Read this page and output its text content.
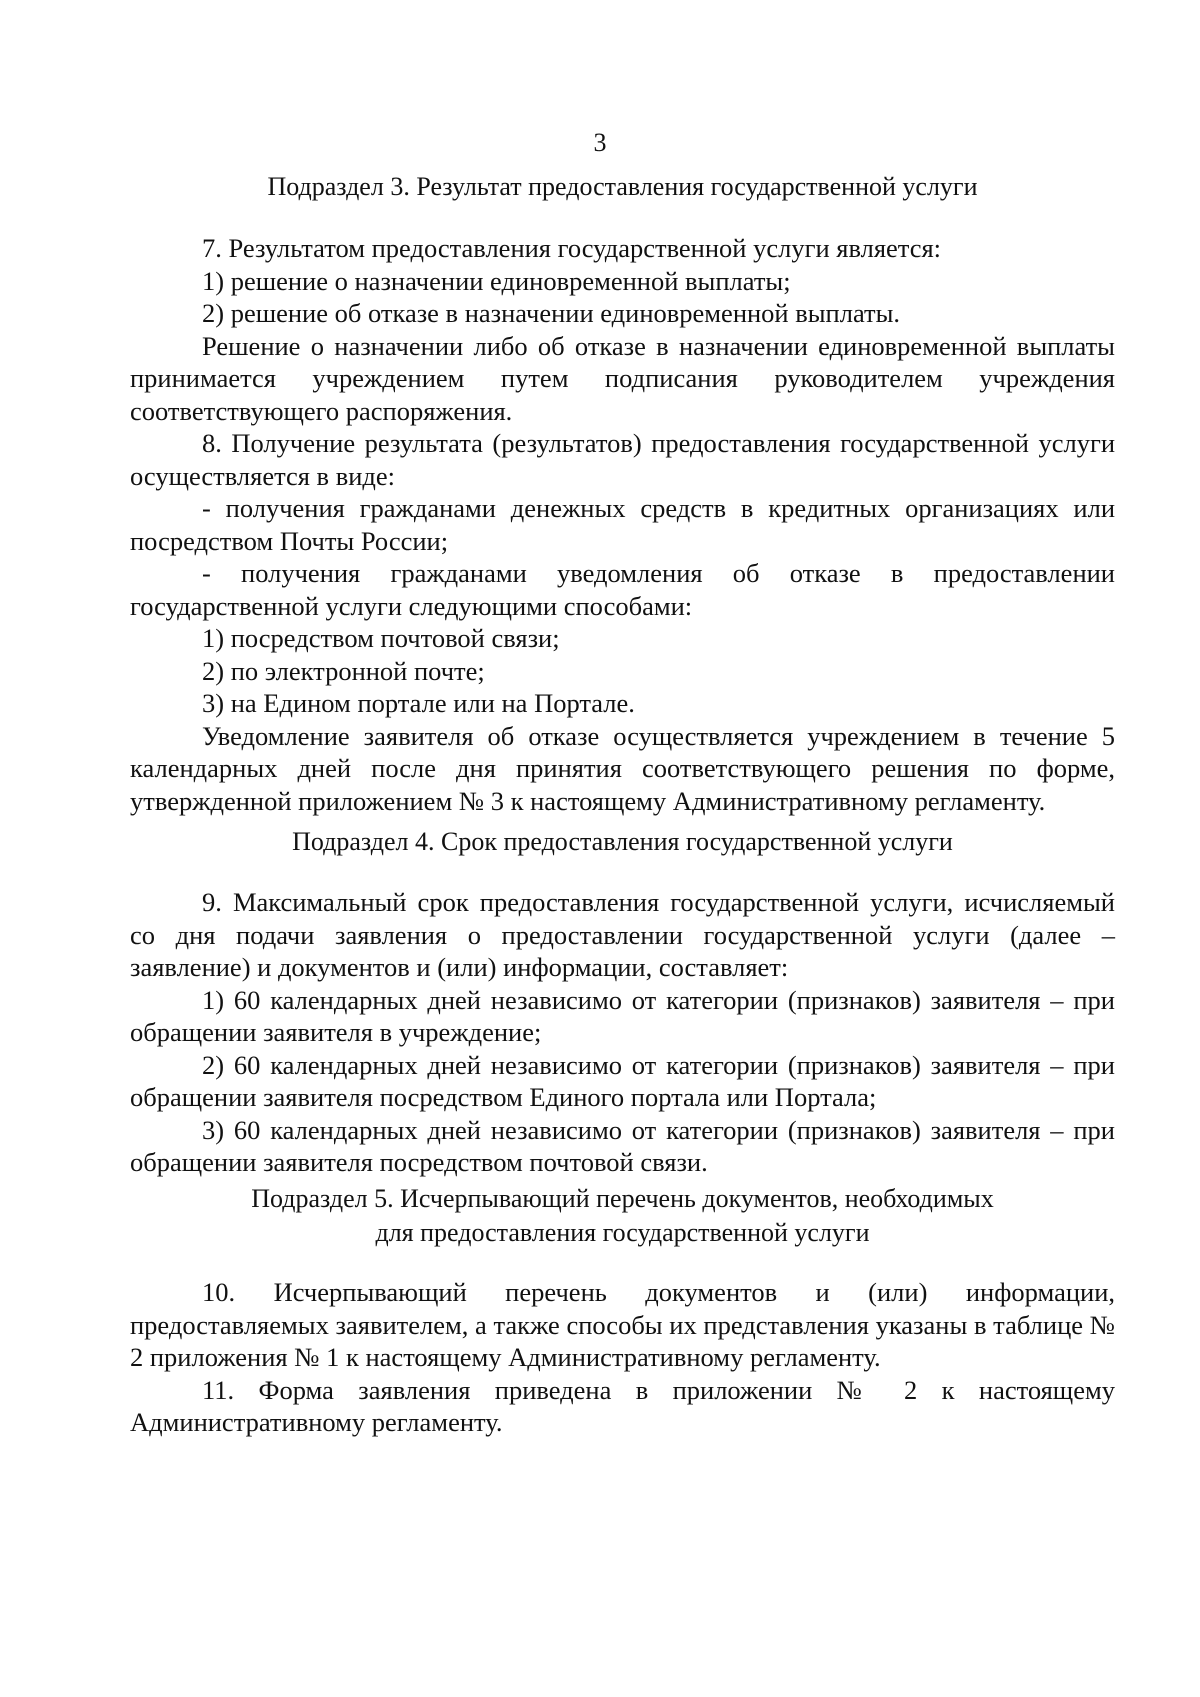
3
Подраздел 3. Результат предоставления государственной услуги

7. Результатом предоставления государственной услуги является:

1) решение о назначении единовременной выплаты;

2) решение об отказе в назначении единовременной выплаты.

Решение о назначении либо об отказе в назначении единовременной выплаты принимается учреждением путем подписания руководителем учреждения соответствующего распоряжения.

8. Получение результата (результатов) предоставления государственной услуги осуществляется в виде:

- получения гражданами денежных средств в кредитных организациях или посредством Почты России;

- получения гражданами уведомления об отказе в предоставлении государственной услуги следующими способами:

1) посредством почтовой связи;

2) по электронной почте;

3) на Едином портале или на Портале.

Уведомление заявителя об отказе осуществляется учреждением в течение 5 календарных дней после дня принятия соответствующего решения по форме, утвержденной приложением № 3 к настоящему Административному регламенту.

Подраздел 4. Срок предоставления государственной услуги

9. Максимальный срок предоставления государственной услуги, исчисляемый со дня подачи заявления о предоставлении государственной услуги (далее – заявление) и документов и (или) информации, составляет:

1) 60 календарных дней независимо от категории (признаков) заявителя – при обращении заявителя в учреждение;

2) 60 календарных дней независимо от категории (признаков) заявителя – при обращении заявителя посредством Единого портала или Портала;

3) 60 календарных дней независимо от категории (признаков) заявителя – при обращении заявителя посредством почтовой связи.

Подраздел 5. Исчерпывающий перечень документов, необходимых
для предоставления государственной услуги

10. Исчерпывающий перечень документов и (или) информации, предоставляемых заявителем, а также способы их представления указаны в таблице № 2 приложения № 1 к настоящему Административному регламенту.

11. Форма заявления приведена в приложении № 2 к настоящему Административному регламенту.
